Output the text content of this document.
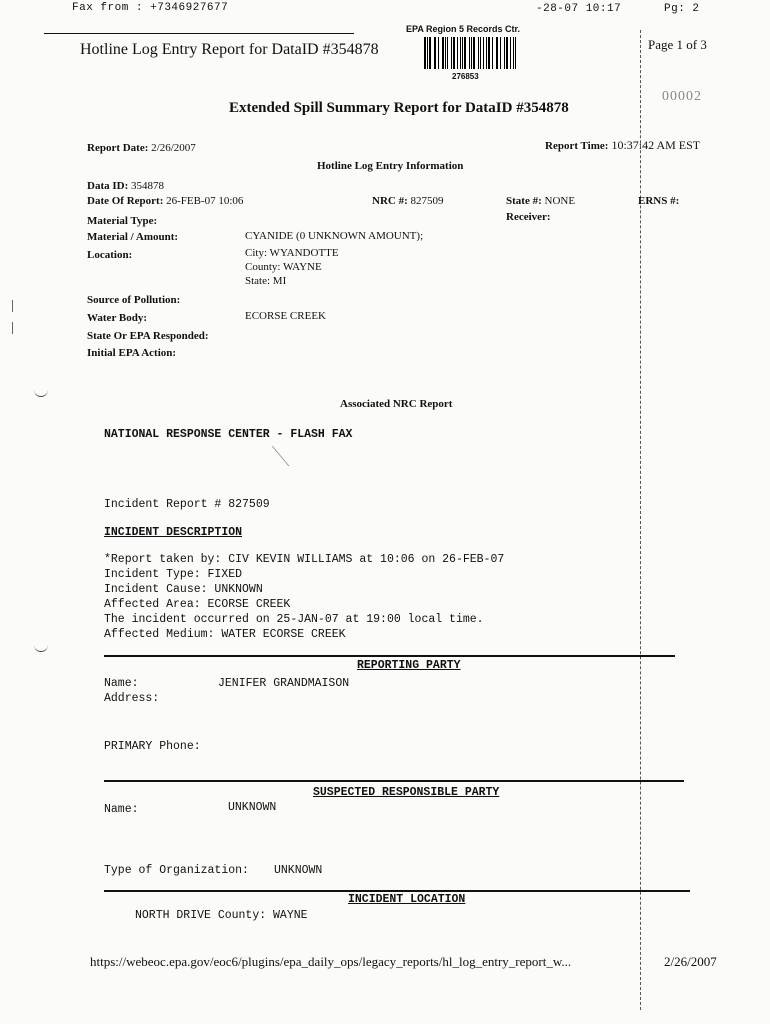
Fax from : +7346927677	-28-07 10:17	Pg: 2
Hotline Log Entry Report for DataID #354878
EPA Region 5 Records Ctr.
276853
Page 1 of 3
00002
Extended Spill Summary Report for DataID #354878
Report Date: 2/26/2007	Report Time: 10:37:42 AM EST
Hotline Log Entry Information
Data ID: 354878
Date Of Report: 26-FEB-07 10:06	NRC #: 827509	State #: NONE	ERNS #:
Receiver:
Material Type:
Material / Amount:	CYANIDE (0 UNKNOWN AMOUNT);
Location:	City: WYANDOTTE
County: WAYNE
State: MI
Source of Pollution:
Water Body:	ECORSE CREEK
State Or EPA Responded:
Initial EPA Action:
Associated NRC Report
NATIONAL RESPONSE CENTER - FLASH FAX
Incident Report # 827509
INCIDENT DESCRIPTION
*Report taken by: CIV KEVIN WILLIAMS at 10:06 on 26-FEB-07
Incident Type: FIXED
Incident Cause: UNKNOWN
Affected Area: ECORSE CREEK
The incident occurred on 25-JAN-07 at 19:00 local time.
Affected Medium: WATER ECORSE CREEK
REPORTING PARTY
Name:	JENIFER GRANDMAISON
Address:
PRIMARY Phone:
SUSPECTED RESPONSIBLE PARTY
Name:	UNKNOWN
Type of Organization: UNKNOWN
INCIDENT LOCATION
NORTH DRIVE County: WAYNE
https://webeoc.epa.gov/eoc6/plugins/epa_daily_ops/legacy_reports/hl_log_entry_report_w...	2/26/2007
